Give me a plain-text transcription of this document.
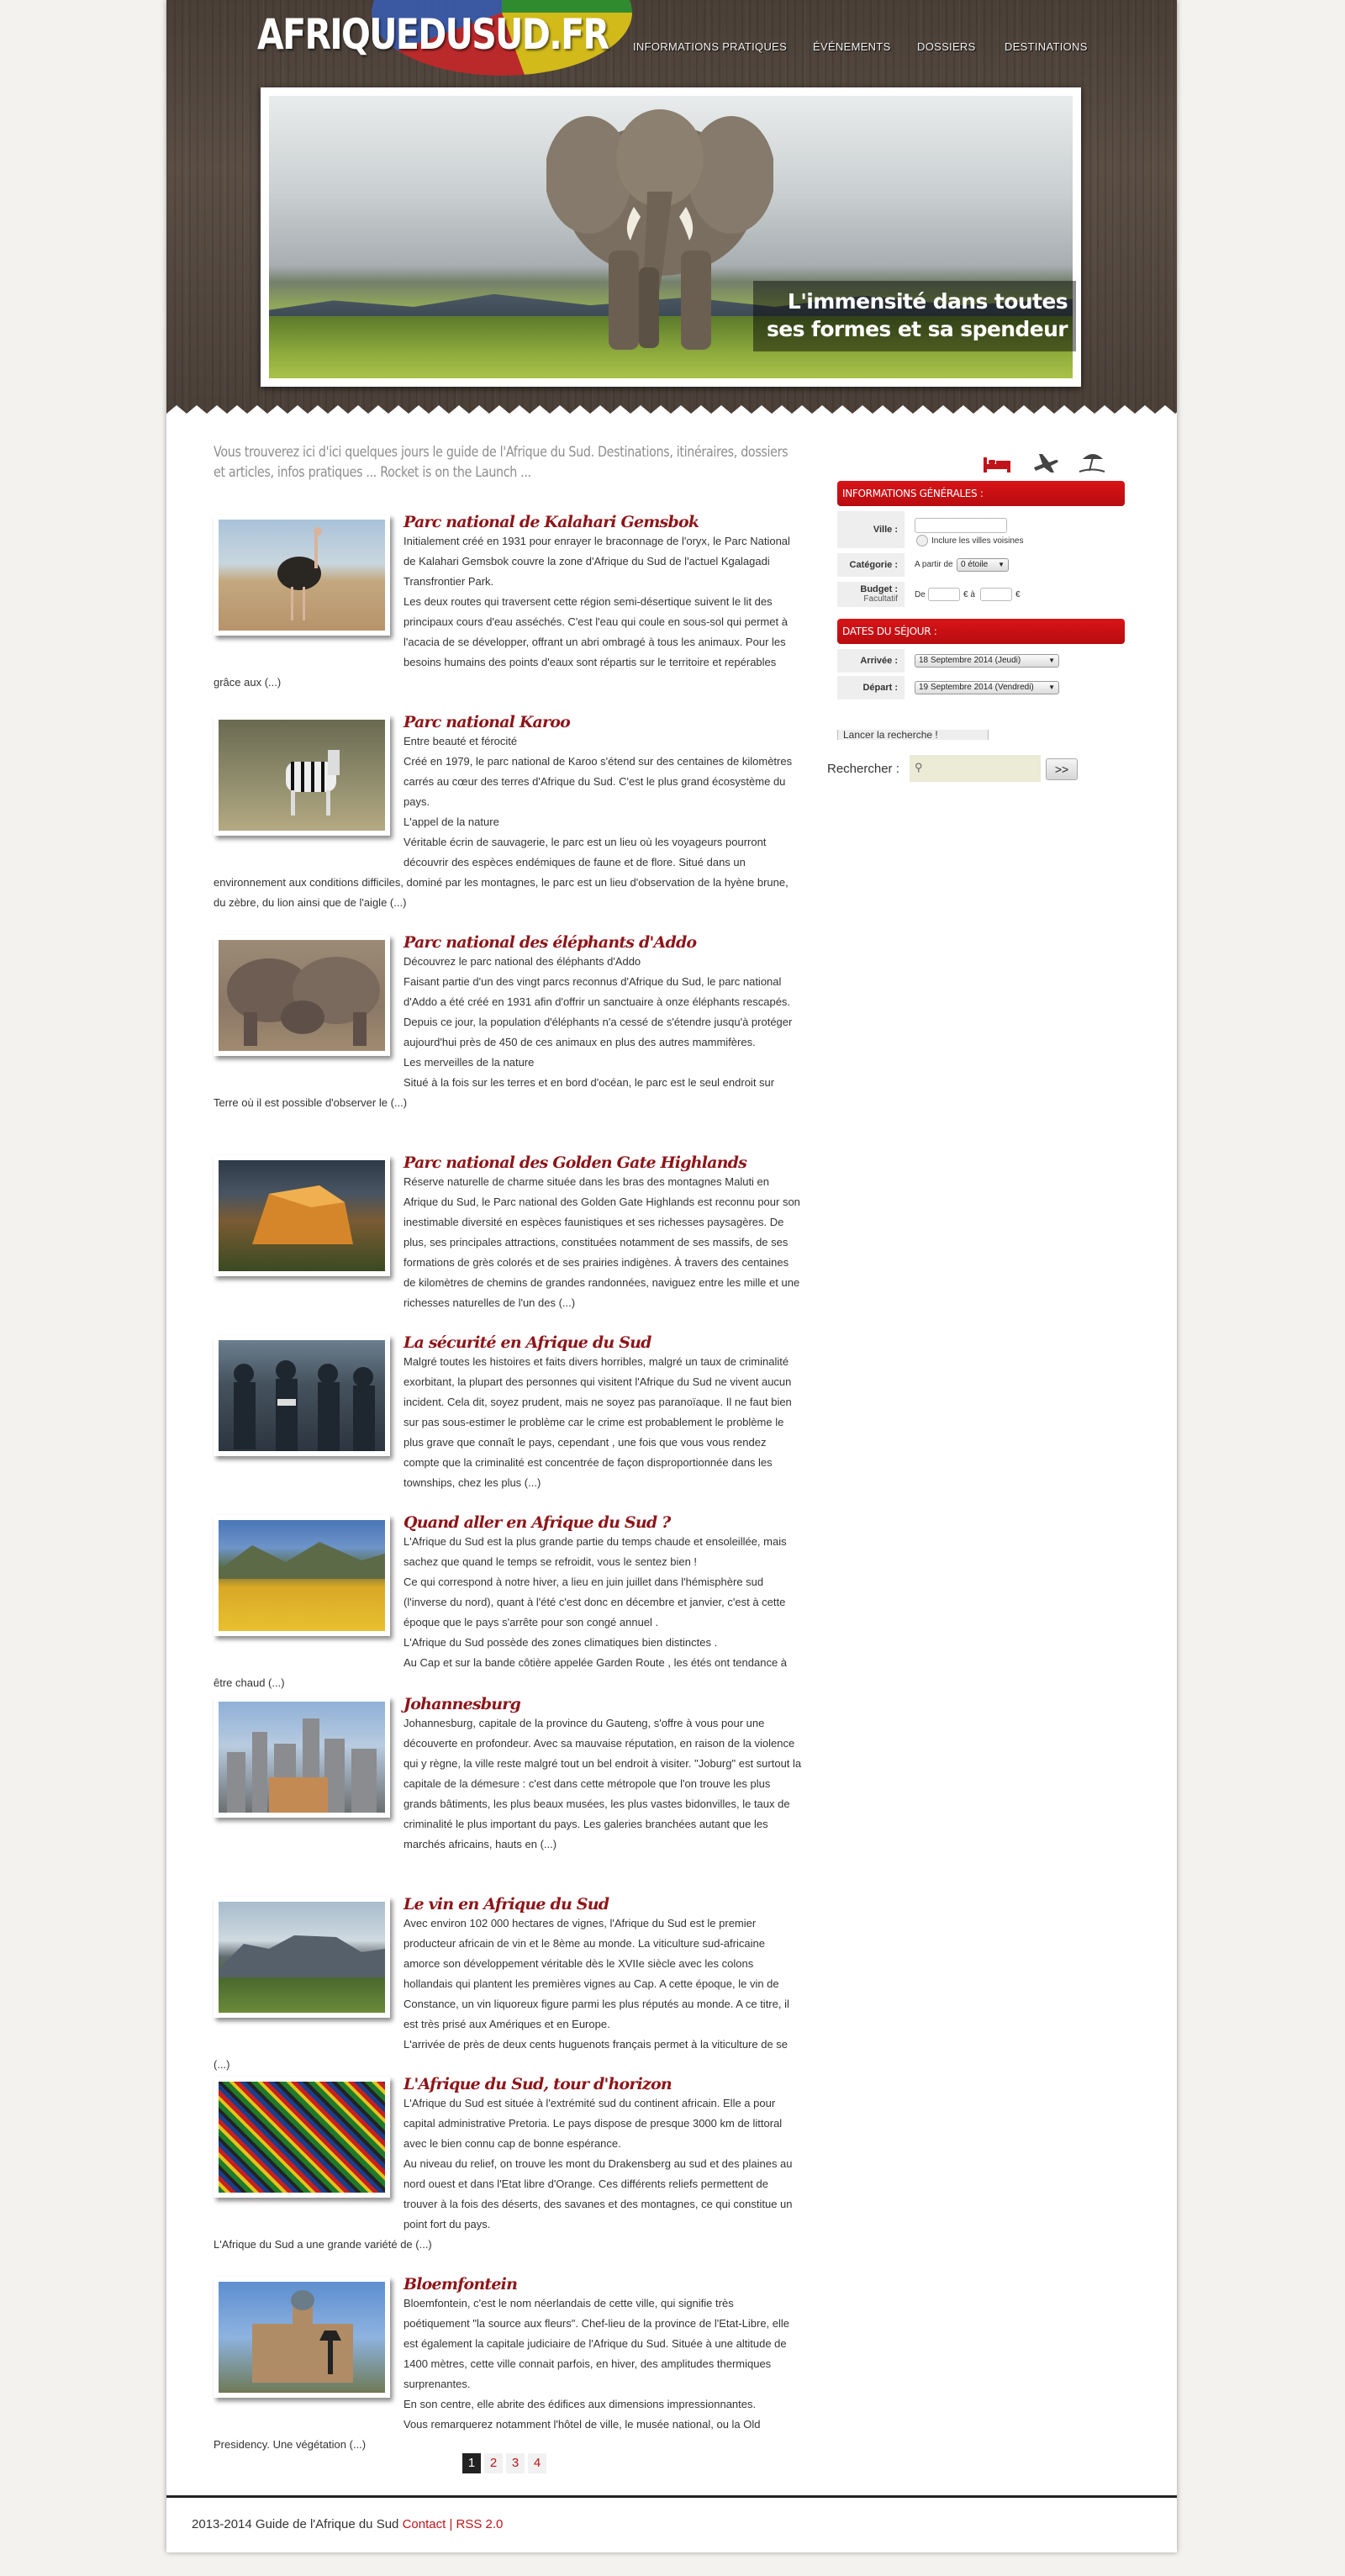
AFRIQUEDUSUD.FR INFORMATIONS PRATIQUES ÉVÉNEMENTS DOSSIERS	DESTINATIONS
L'immensité dans toutes
ses formes et sa spendeur
Vous trouverez ici d'ici quelques jours le guide de l'Afrique du Sud. Destinations, itinéraires, dossiers et articles, infos pratiques ... Rocket is on the Launch ...
Parc national de Kalahari Gemsbok

Initialement créé en 1931 pour enrayer le braconnage de l'oryx, le Parc National de Kalahari Gemsbok couvre la zone d'Afrique du Sud de l'actuel Kgalagadi Transfrontier Park.

Les deux routes qui traversent cette région semi-désertique suivent le lit des principaux cours d'eau asséchés. C'est l'eau qui coule en sous-sol qui permet à l'acacia de se développer, offrant un abri ombragé à tous les animaux. Pour les besoins humains des points d'eaux sont répartis sur le territoire et repérables grâce aux (...)

Parc national Karoo

Entre beauté et férocité

Créé en 1979, le parc national de Karoo s'étend sur des centaines de kilomètres carrés au cœur des terres d'Afrique du Sud. C'est le plus grand écosystème du pays.

L'appel de la nature

Véritable écrin de sauvagerie, le parc est un lieu où les voyageurs pourront découvrir des espèces endémiques de faune et de flore. Situé dans un environnement aux conditions difficiles, dominé par les montagnes, le parc est un lieu d'observation de la hyène brune, du zèbre, du lion ainsi que de l'aigle (...)

Parc national des éléphants d'Addo

Découvrez le parc national des éléphants d'Addo

Faisant partie d'un des vingt parcs reconnus d'Afrique du Sud, le parc national d'Addo a été créé en 1931 afin d'offrir un sanctuaire à onze éléphants rescapés. Depuis ce jour, la population d'éléphants n'a cessé de s'étendre jusqu'à protéger aujourd'hui près de 450 de ces animaux en plus des autres mammifères.

Les merveilles de la nature

Situé à la fois sur les terres et en bord d'océan, le parc est le seul endroit sur Terre où il est possible d'observer le (...)

Parc national des Golden Gate Highlands

Réserve naturelle de charme située dans les bras des montagnes Maluti en Afrique du Sud, le Parc national des Golden Gate Highlands est reconnu pour son inestimable diversité en espèces faunistiques et ses richesses paysagères. De plus, ses principales attractions, constituées notamment de ses massifs, de ses formations de grès colorés et de ses prairies indigènes. À travers des centaines de kilomètres de chemins de grandes randonnées, naviguez entre les mille et une richesses naturelles de l'un des (...)

La sécurité en Afrique du Sud

Malgré toutes les histoires et faits divers horribles, malgré un taux de criminalité exorbitant, la plupart des personnes qui visitent l'Afrique du Sud ne vivent aucun incident. Cela dit, soyez prudent, mais ne soyez pas paranoïaque. Il ne faut bien sur pas sous-estimer le problème car le crime est probablement le problème le plus grave que connaît le pays, cependant , une fois que vous vous rendez compte que la criminalité est concentrée de façon disproportionnée dans les townships, chez les plus (...)

Quand aller en Afrique du Sud ?

L'Afrique du Sud est la plus grande partie du temps chaude et ensoleillée, mais sachez que quand le temps se refroidit, vous le sentez bien !

Ce qui correspond à notre hiver, a lieu en juin juillet dans l'hémisphère sud (l'inverse du nord), quant à l'été c'est donc en décembre et janvier, c'est à cette époque que le pays s'arrête pour son congé annuel .

L'Afrique du Sud possède des zones climatiques bien distinctes .

Au Cap et sur la bande côtière appelée Garden Route , les étés ont tendance à être chaud (...)

Johannesburg

Johannesburg, capitale de la province du Gauteng, s'offre à vous pour une découverte en profondeur. Avec sa mauvaise réputation, en raison de la violence qui y règne, la ville reste malgré tout un bel endroit à visiter. "Joburg" est surtout la capitale de la démesure : c'est dans cette métropole que l'on trouve les plus grands bâtiments, les plus beaux musées, les plus vastes bidonvilles, le taux de criminalité le plus important du pays. Les galeries branchées autant que les marchés africains, hauts en (...)

Le vin en Afrique du Sud

Avec environ 102 000 hectares de vignes, l'Afrique du Sud est le premier producteur africain de vin et le 8ème au monde. La viticulture sud-africaine amorce son développement véritable dès le XVIIe siècle avec les colons hollandais qui plantent les premières vignes au Cap. A cette époque, le vin de Constance, un vin liquoreux figure parmi les plus réputés au monde. A ce titre, il est très prisé aux Amériques et en Europe.

L'arrivée de près de deux cents huguenots français permet à la viticulture de se (...)

L'Afrique du Sud, tour d'horizon

L'Afrique du Sud est située à l'extrémité sud du continent africain. Elle a pour capital administrative Pretoria. Le pays dispose de presque 3000 km de littoral avec le bien connu cap de bonne espérance.

Au niveau du relief, on trouve les mont du Drakensberg au sud et des plaines au nord ouest et dans l'Etat libre d'Orange. Ces différents reliefs permettent de trouver à la fois des déserts, des savanes et des montagnes, ce qui constitue un point fort du pays.

L'Afrique du Sud a une grande variété de (...)

Bloemfontein

Bloemfontein, c'est le nom néerlandais de cette ville, qui signifie très poétiquement "la source aux fleurs". Chef-lieu de la province de l'Etat-Libre, elle est également la capitale judiciaire de l'Afrique du Sud. Située à une altitude de 1400 mètres, cette ville connait parfois, en hiver, des amplitudes thermiques surprenantes.

En son centre, elle abrite des édifices aux dimensions impressionnantes.

Vous remarquerez notamment l'hôtel de ville, le musée national, ou la Old Presidency. Une végétation (...)

INFORMATIONS GÉNÉRALES :
Ville :
Inclure les villes voisines
Catégorie :	A partir de 0 étoile ▼
Budget :
Facultatif De	€ à	€
DATES DU SÉJOUR :
Arrivée :	18 Septembre 2014 (Jeudi)	▼
Départ :	19 Septembre 2014 (Vendredi) ▼
Lancer la recherche !
Rechercher : ⚲	>>
1	2	3	4
2013-2014 Guide de l'Afrique du Sud Contact | RSS 2.0
